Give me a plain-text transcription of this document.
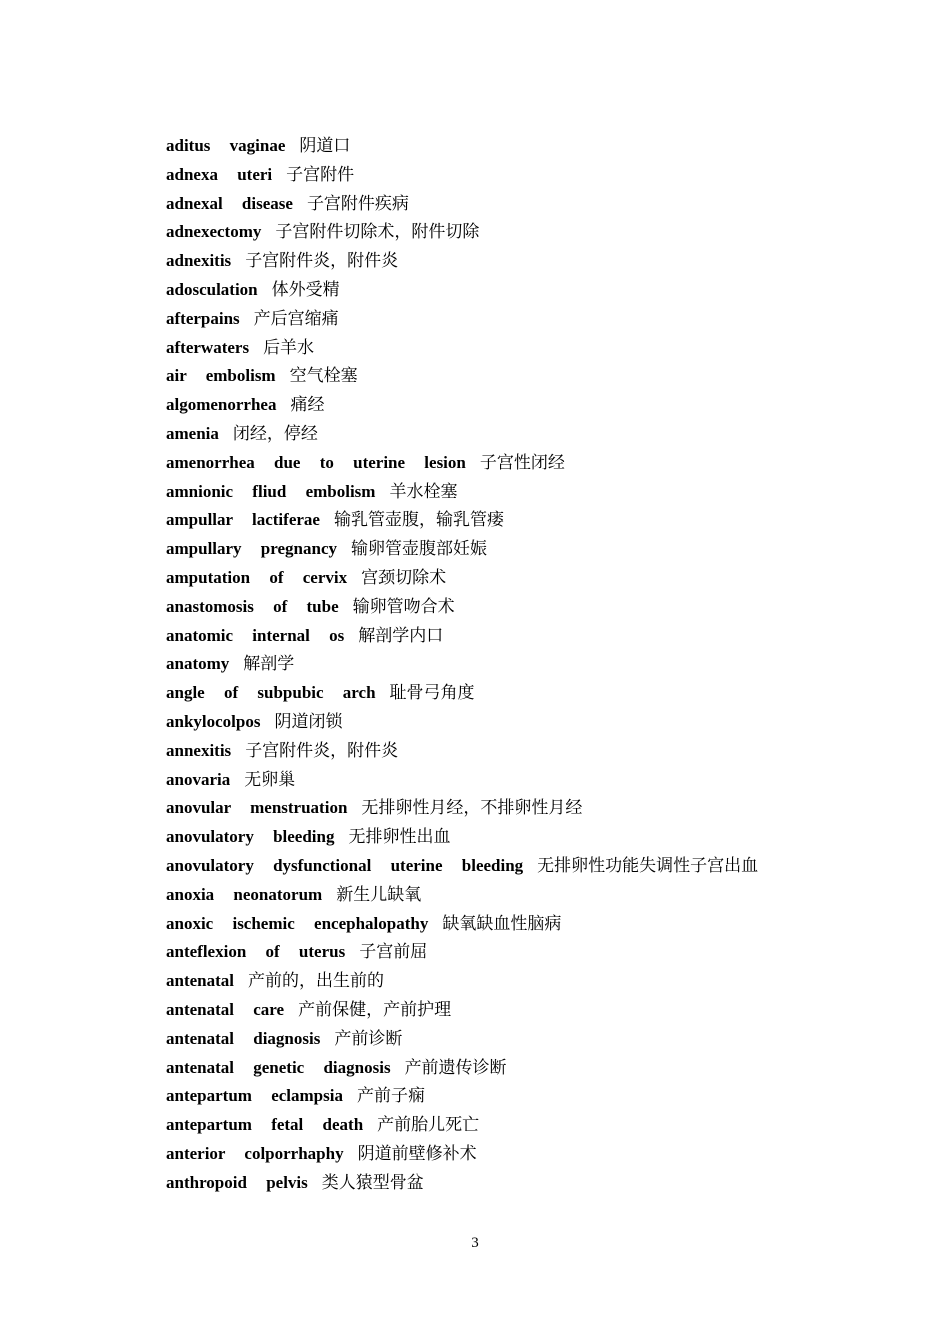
aditus vaginae 阴道口
adnexa uteri 子宫附件
adnexal disease 子宫附件疾病
adnexectomy 子宫附件切除术，附件切除
adnexitis 子宫附件炎，附件炎
adosculation 体外受精
afterpains 产后宫缩痛
afterwaters 后羊水
air embolism 空气栓塞
algomenorrhea 痛经
amenia 闭经，停经
amenorrhea due to uterine lesion 子宫性闭经
amnionic fliud embolism 羊水栓塞
ampullar lactiferae 输乳管壶腹，输乳管瘘
ampullary pregnancy 输卵管壶腹部妊娠
amputation of cervix 宫颈切除术
anastomosis of tube 输卵管吻合术
anatomic internal os 解剖学内口
anatomy 解剖学
angle of subpubic arch 耻骨弓角度
ankylocolpos 阴道闭锁
annexitis 子宫附件炎，附件炎
anovaria 无卵巢
anovular menstruation 无排卵性月经，不排卵性月经
anovulatory bleeding 无排卵性出血
anovulatory dysfunctional uterine bleeding 无排卵性功能失调性子宫出血
anoxia neonatorum 新生儿缺氧
anoxic ischemic encephalopathy 缺氧缺血性脑病
anteflexion of uterus 子宫前屈
antenatal 产前的，出生前的
antenatal care 产前保健，产前护理
antenatal diagnosis 产前诊断
antenatal genetic diagnosis 产前遗传诊断
antepartum eclampsia 产前子痫
antepartum fetal death 产前胎儿死亡
anterior colporrhaphy 阴道前壁修补术
anthropoid pelvis 类人猿型骨盆
3
